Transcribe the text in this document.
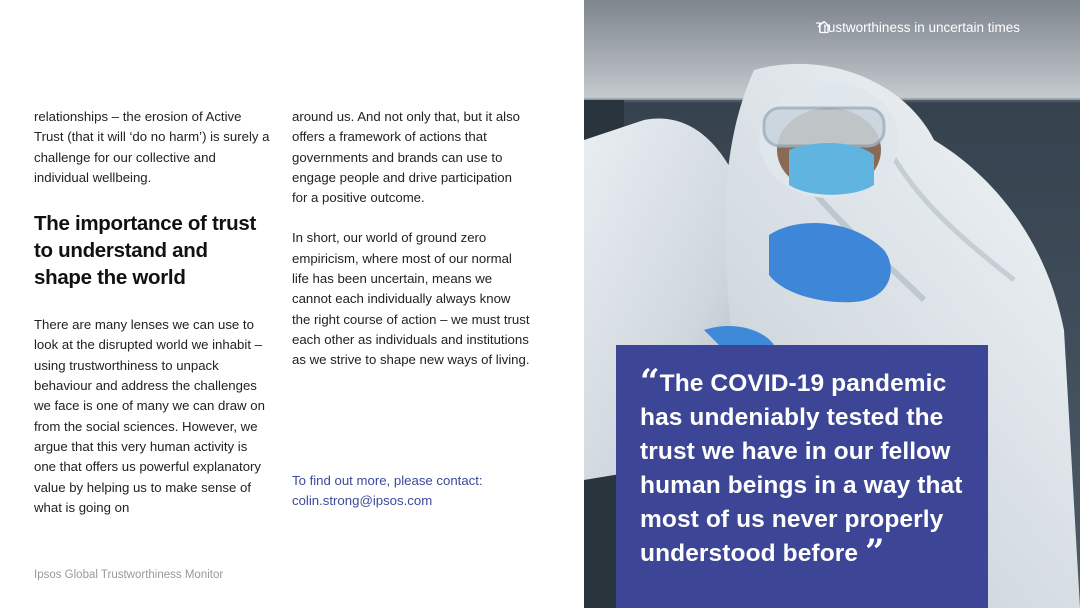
relationships – the erosion of Active Trust (that it will ‘do no harm’) is surely a challenge for our collective and individual wellbeing.

The importance of trust to understand and shape the world

There are many lenses we can use to look at the disrupted world we inhabit – using trustworthiness to unpack behaviour and address the challenges we face is one of many we can draw on from the social sciences. However, we argue that this very human activity is one that offers us powerful explanatory value by helping us to make sense of what is going on

around us. And not only that, but it also offers a framework of actions that governments and brands can use to engage people and drive participation for a positive outcome.

In short, our world of ground zero empiricism, where most of our normal life has been uncertain, means we cannot each individually always know the right course of action – we must trust each other as individuals and institutions as we strive to shape new ways of living.

To find out more, please contact:
colin.strong@ipsos.com
Ipsos Global Trustworthiness Monitor
Trustworthiness in uncertain times
“The COVID-19 pandemic has undeniably tested the trust we have in our fellow human beings in a way that most of us never properly understood before ”
12
